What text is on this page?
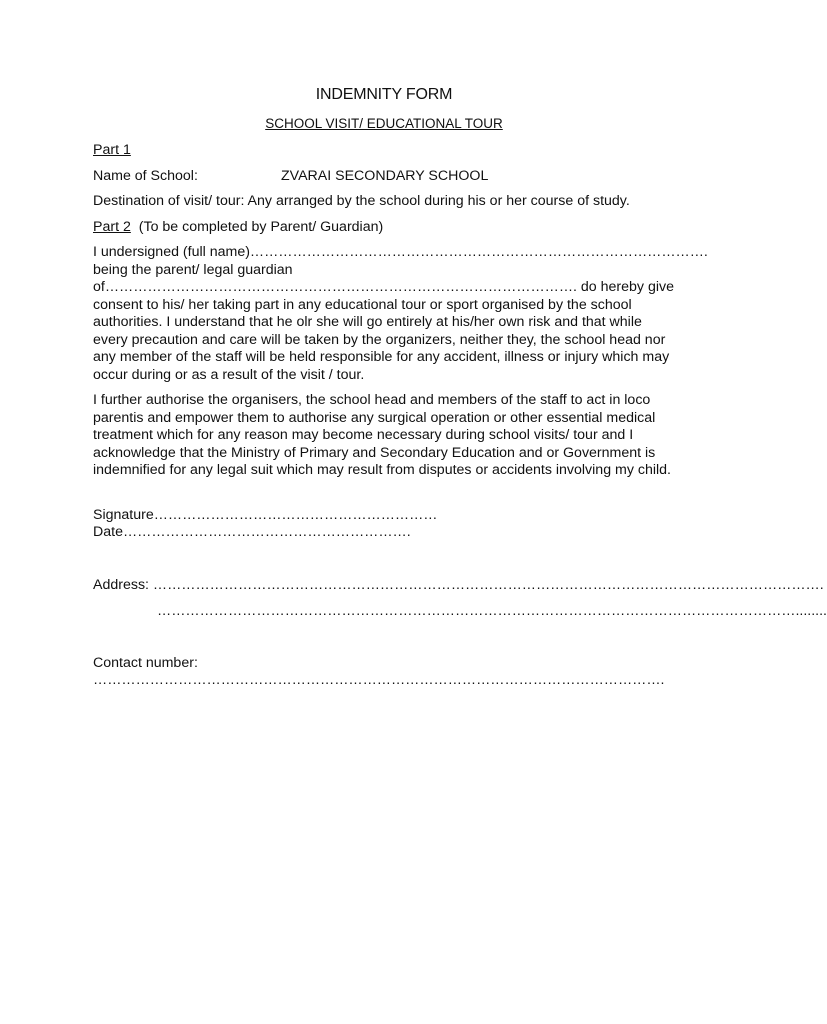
INDEMNITY FORM
SCHOOL VISIT/ EDUCATIONAL TOUR
Part 1
Name of School:	ZVARAI SECONDARY SCHOOL
Destination of visit/ tour: Any arranged by the school during his or her course of study.
Part 2 (To be completed by Parent/ Guardian)
I undersigned (full name)…………………………………………………………………………………….
being the parent/ legal guardian
of………………………………………………………………………………………. do hereby give consent to his/ her taking part in any educational tour or sport organised by the school authorities. I understand that he olr she will go entirely at his/her own risk and that while every precaution and care will be taken by the organizers, neither they, the school head nor any member of the staff will be held responsible for any accident, illness or injury which may occur during or as a result of the visit / tour.
I further authorise the organisers, the school head and members of the staff to act in loco parentis and empower them to authorise any surgical operation or other essential medical treatment which for any reason may become necessary during school visits/ tour and I acknowledge that the Ministry of Primary and Secondary Education and or Government is indemnified for any legal suit which may result from disputes or accidents involving my child.
Signature……………………………………………………
Date…………………………………………………….
Address: …………………………………………………………………………………………………………………………….
………………………………………………………………………………………………………………………........
Contact number:
………………………………………………………………………………………………………….
